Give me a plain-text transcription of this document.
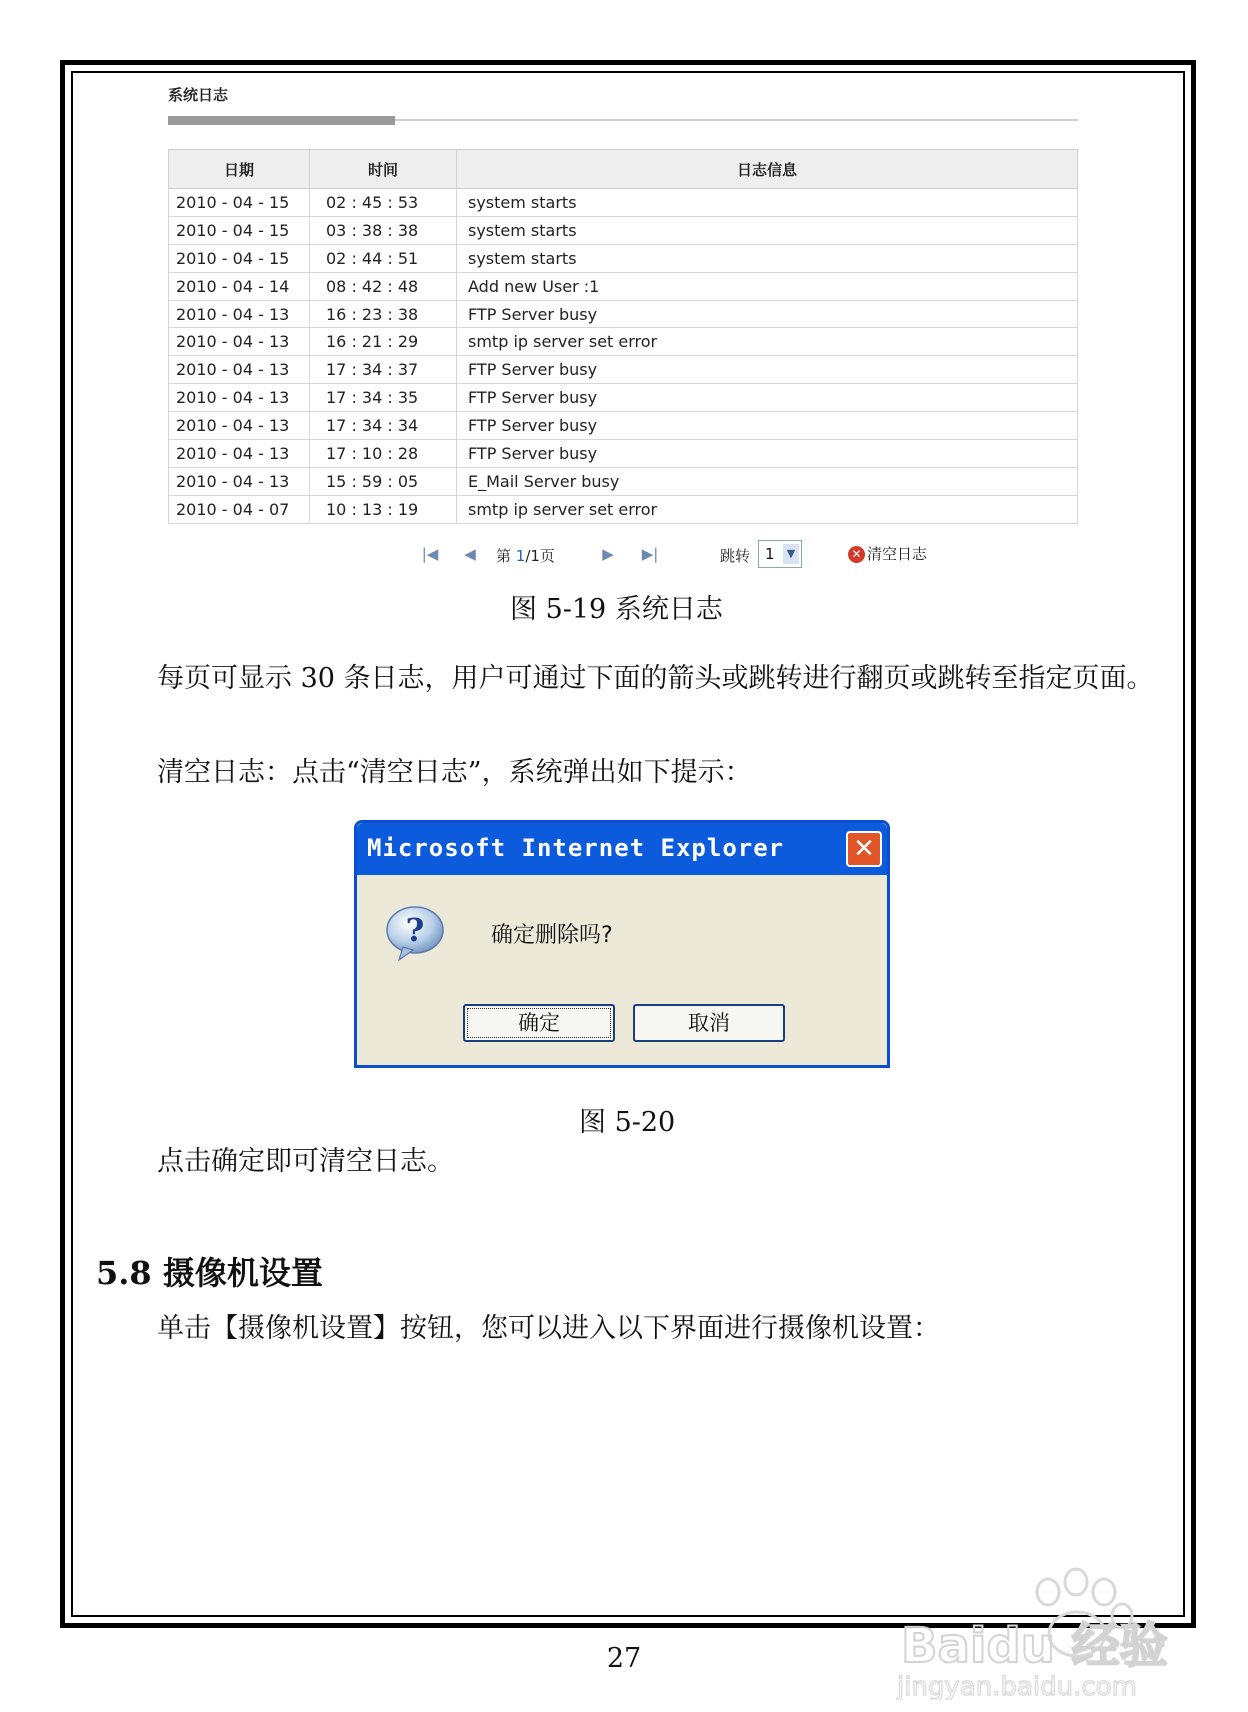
系统日志
日期	时间	日志信息
2010 - 04 - 15	02 : 45 : 53	system starts
2010 - 04 - 15	03 : 38 : 38	system starts
2010 - 04 - 15	02 : 44 : 51	system starts
2010 - 04 - 14	08 : 42 : 48	Add new User :1
2010 - 04 - 13	16 : 23 : 38	FTP Server busy
2010 - 04 - 13	16 : 21 : 29	smtp ip server set error
2010 - 04 - 13	17 : 34 : 37	FTP Server busy
2010 - 04 - 13	17 : 34 : 35	FTP Server busy
2010 - 04 - 13	17 : 34 : 34	FTP Server busy
2010 - 04 - 13	17 : 10 : 28	FTP Server busy
2010 - 04 - 13	15 : 59 : 05	E_Mail Server busy
2010 - 04 - 07	10 : 13 : 19	smtp ip server set error
|◀	◀	第 1/1页	▶	▶|	跳转 1	▼	✕ 清空日志
图 5-19 系统日志
每页可显示 30 条日志，用户可通过下面的箭头或跳转进行翻页或跳转至指定页面。
清空日志：点击“清空日志”，系统弹出如下提示：
Microsoft Internet Explorer	✕
?	确定删除吗?
确定	取消
图 5-20
点击确定即可清空日志。
5.8 摄像机设置
单击【摄像机设置】按钮，您可以进入以下界面进行摄像机设置：
27	Baidu 经验
jingyan.baidu.com
